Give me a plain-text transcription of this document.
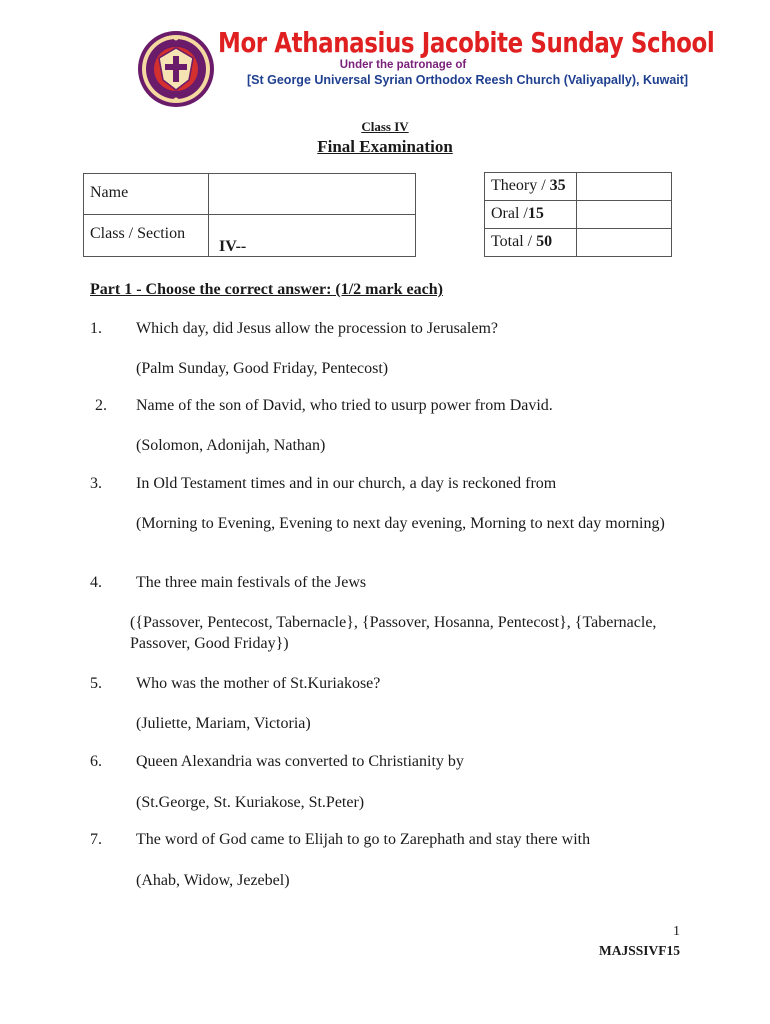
Mor Athanasius Jacobite Sunday School
Under the patronage of
[St George Universal Syrian Orthodox Reesh Church (Valiyapally), Kuwait]
Class IV
Final Examination
Name	
Class / Section	IV--
Theory / 35	
Oral /15	
Total / 50	
Part 1 - Choose the correct answer: (1/2 mark each)
1. Which day, did Jesus allow the procession to Jerusalem?
(Palm Sunday, Good Friday, Pentecost)
2. Name of the son of David, who tried to usurp power from David.
(Solomon, Adonijah, Nathan)
3. In Old Testament times and in our church, a day is reckoned from
(Morning to Evening, Evening to next day evening, Morning to next day morning)
4. The three main festivals of the Jews
({Passover, Pentecost, Tabernacle}, {Passover, Hosanna, Pentecost}, {Tabernacle, Passover, Good Friday})
5. Who was the mother of St.Kuriakose?
(Juliette, Mariam, Victoria)
6. Queen Alexandria was converted to Christianity by
(St.George, St. Kuriakose, St.Peter)
7. The word of God came to Elijah to go to Zarephath and stay there with
(Ahab, Widow, Jezebel)
1
MAJSSIVF15
